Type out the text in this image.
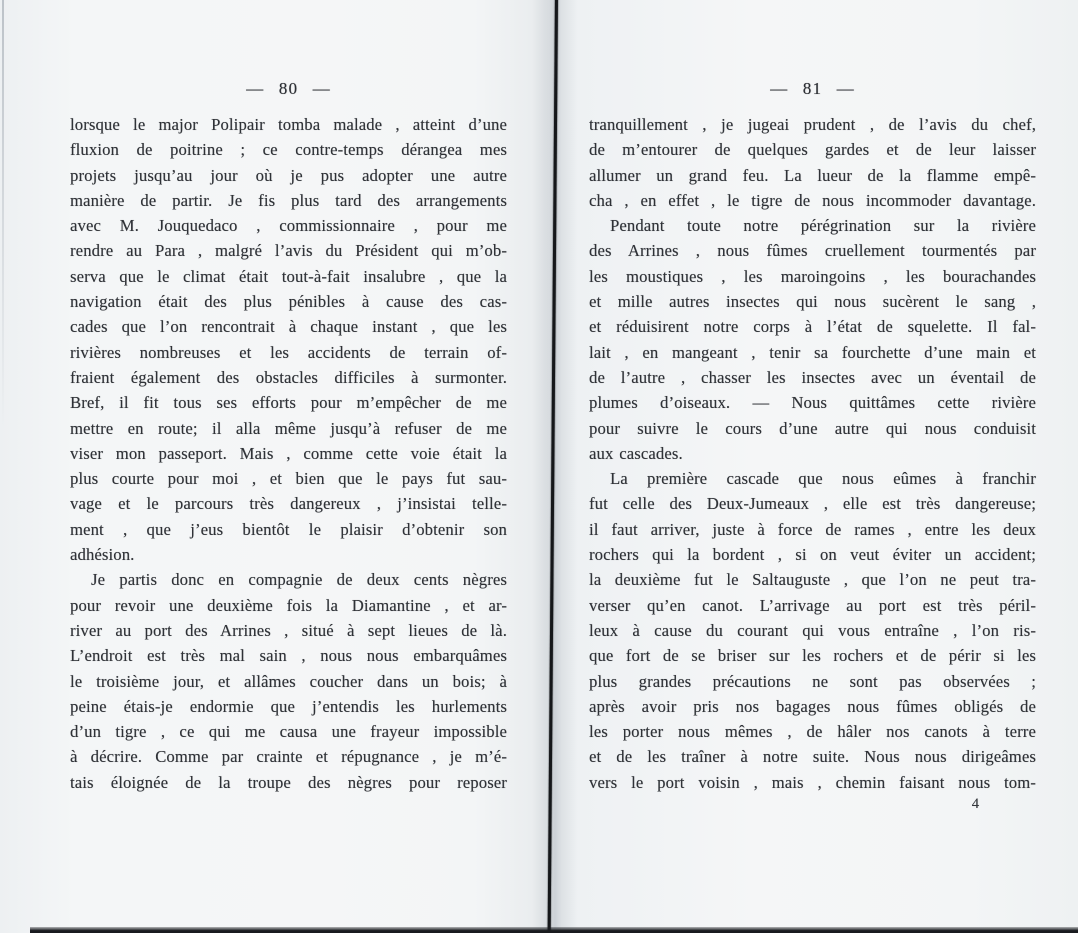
— 80 —
lorsque le major Polipair tomba malade , atteint d’une
fluxion de poitrine ; ce contre-temps dérangea mes
projets jusqu’au jour où je pus adopter une autre
manière de partir. Je fis plus tard des arrangements
avec M. Jouquedaco , commissionnaire , pour me
rendre au Para , malgré l’avis du Président qui m’ob-
serva que le climat était tout-à-fait insalubre , que la
navigation était des plus pénibles à cause des cas-
cades que l’on rencontrait à chaque instant , que les
rivières nombreuses et les accidents de terrain of-
fraient également des obstacles difficiles à surmonter.
Bref, il fit tous ses efforts pour m’empêcher de me
mettre en route; il alla même jusqu’à refuser de me
viser mon passeport. Mais , comme cette voie était la
plus courte pour moi , et bien que le pays fut sau-
vage et le parcours très dangereux , j’insistai telle-
ment , que j’eus bientôt le plaisir d’obtenir son
adhésion.
Je partis donc en compagnie de deux cents nègres
pour revoir une deuxième fois la Diamantine , et ar-
river au port des Arrines , situé à sept lieues de là.
L’endroit est très mal sain , nous nous embarquâmes
le troisième jour, et allâmes coucher dans un bois; à
peine étais-je endormie que j’entendis les hurlements
d’un tigre , ce qui me causa une frayeur impossible
à décrire. Comme par crainte et répugnance , je m’é-
tais éloignée de la troupe des nègres pour reposer
— 81 —
tranquillement , je jugeai prudent , de l’avis du chef,
de m’entourer de quelques gardes et de leur laisser
allumer un grand feu. La lueur de la flamme empê-
cha , en effet , le tigre de nous incommoder davantage.
Pendant toute notre pérégrination sur la rivière
des Arrines , nous fûmes cruellement tourmentés par
les moustiques , les maroingoins , les bourachandes
et mille autres insectes qui nous sucèrent le sang ,
et réduisirent notre corps à l’état de squelette. Il fal-
lait , en mangeant , tenir sa fourchette d’une main et
de l’autre , chasser les insectes avec un éventail de
plumes d’oiseaux. — Nous quittâmes cette rivière
pour suivre le cours d’une autre qui nous conduisit
aux cascades.
La première cascade que nous eûmes à franchir
fut celle des Deux-Jumeaux , elle est très dangereuse;
il faut arriver, juste à force de rames , entre les deux
rochers qui la bordent , si on veut éviter un accident;
la deuxième fut le Saltauguste , que l’on ne peut tra-
verser qu’en canot. L’arrivage au port est très péril-
leux à cause du courant qui vous entraîne , l’on ris-
que fort de se briser sur les rochers et de périr si les
plus grandes précautions ne sont pas observées ;
après avoir pris nos bagages nous fûmes obligés de
les porter nous mêmes , de hâler nos canots à terre
et de les traîner à notre suite. Nous nous dirigeâmes
vers le port voisin , mais , chemin faisant nous tom-
4
